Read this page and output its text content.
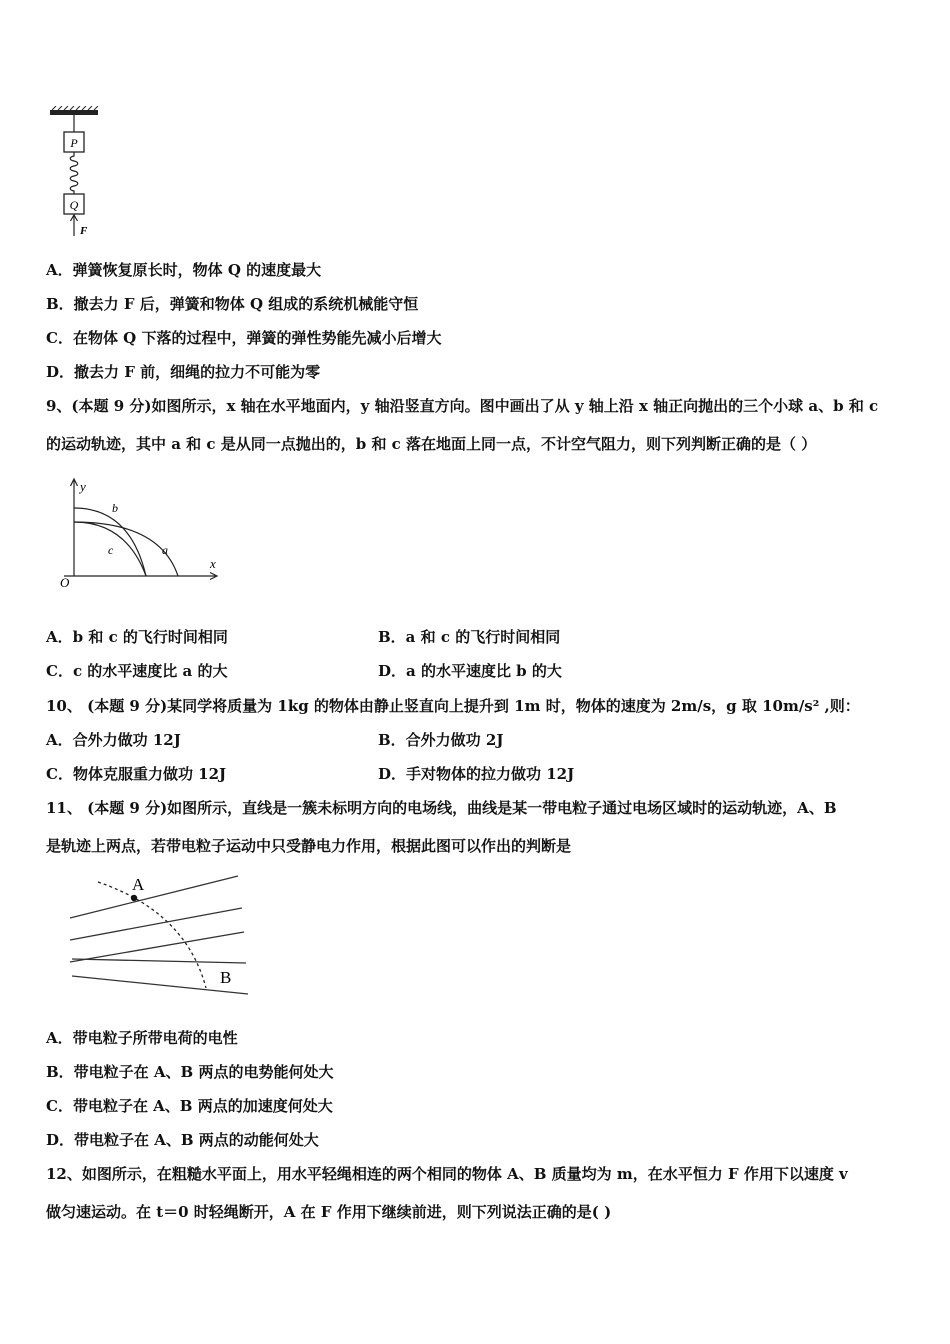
P
Q
F
A．弹簧恢复原长时，物体 Q 的速度最大
B．撤去力 F 后，弹簧和物体 Q 组成的系统机械能守恒
C．在物体 Q 下落的过程中，弹簧的弹性势能先减小后增大
D．撤去力 F 前，细绳的拉力不可能为零
9、(本题 9 分)如图所示，x 轴在水平地面内，y 轴沿竖直方向。图中画出了从 y 轴上沿 x 轴正向抛出的三个小球 a、b 和 c
的运动轨迹，其中 a 和 c 是从同一点抛出的，b 和 c 落在地面上同一点，不计空气阻力，则下列判断正确的是（ ）
y
x
O
b
a
c
A．b 和 c 的飞行时间相同	B．a 和 c 的飞行时间相同
C．c 的水平速度比 a 的大	D．a 的水平速度比 b 的大
10、 (本题 9 分)某同学将质量为 1kg 的物体由静止竖直向上提升到 1m 时，物体的速度为 2m/s，g 取 10m/s² ,则：
A．合外力做功 12J	B．合外力做功 2J
C．物体克服重力做功 12J	D．手对物体的拉力做功 12J
11、 (本题 9 分)如图所示，直线是一簇未标明方向的电场线，曲线是某一带电粒子通过电场区域时的运动轨迹，A、B
是轨迹上两点，若带电粒子运动中只受静电力作用，根据此图可以作出的判断是
A
B
A．带电粒子所带电荷的电性
B．带电粒子在 A、B 两点的电势能何处大
C．带电粒子在 A、B 两点的加速度何处大
D．带电粒子在 A、B 两点的动能何处大
12、如图所示，在粗糙水平面上，用水平轻绳相连的两个相同的物体 A、B 质量均为 m，在水平恒力 F 作用下以速度 v
做匀速运动。在 t＝0 时轻绳断开，A 在 F 作用下继续前进，则下列说法正确的是( )
